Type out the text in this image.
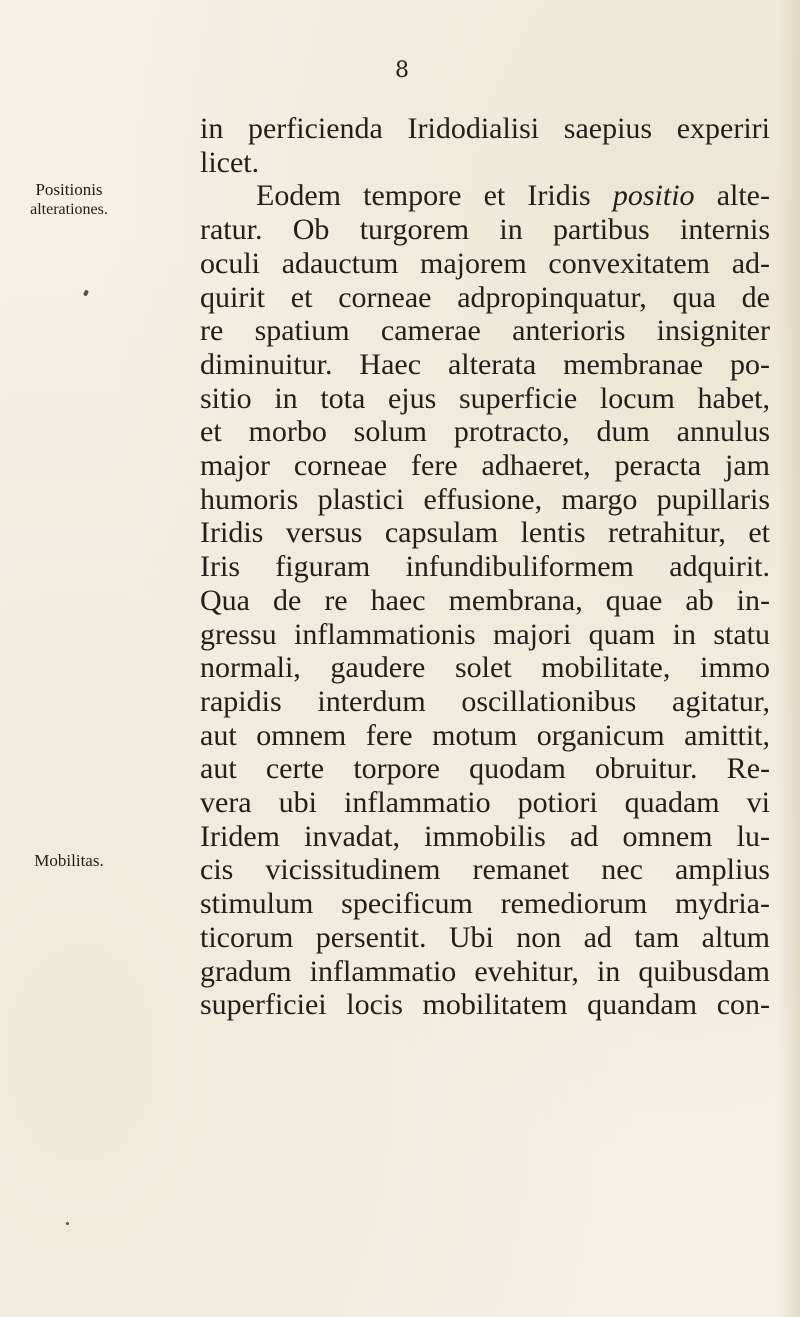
8
Positionis
alterationes.
Mobilitas.
in perficienda Iridodialisi saepius experiri
licet.
Eodem tempore et Iridis positio alte-
ratur. Ob turgorem in partibus internis
oculi adauctum majorem convexitatem ad-
quirit et corneae adpropinquatur, qua de
re spatium camerae anterioris insigniter
diminuitur. Haec alterata membranae po-
sitio in tota ejus superficie locum habet,
et morbo solum protracto, dum annulus
major corneae fere adhaeret, peracta jam
humoris plastici effusione, margo pupillaris
Iridis versus capsulam lentis retrahitur, et
Iris figuram infundibuliformem adquirit.
Qua de re haec membrana, quae ab in-
gressu inflammationis majori quam in statu
normali, gaudere solet mobilitate, immo
rapidis interdum oscillationibus agitatur,
aut omnem fere motum organicum amittit,
aut certe torpore quodam obruitur. Re-
vera ubi inflammatio potiori quadam vi
Iridem invadat, immobilis ad omnem lu-
cis vicissitudinem remanet nec amplius
stimulum specificum remediorum mydria-
ticorum persentit. Ubi non ad tam altum
gradum inflammatio evehitur, in quibusdam
superficiei locis mobilitatem quandam con-
